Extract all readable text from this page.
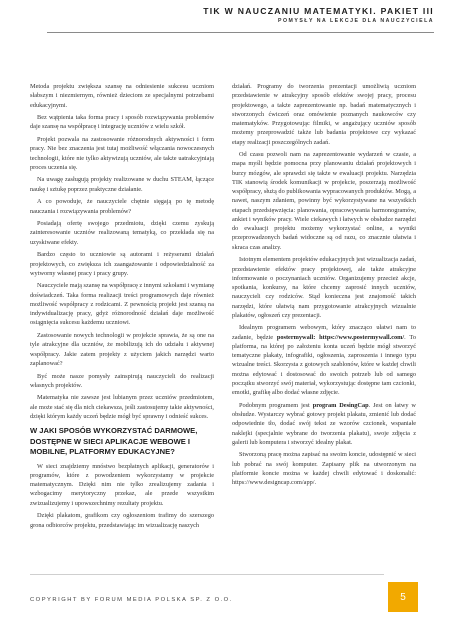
TIK W NAUCZANIU MATEMATYKI. PAKIET III
POMYSŁY NA LEKCJE DLA NAUCZYCIELA

Metoda projektu zwiększa szansę na odniesienie sukcesu uczniom słabszym i niezmiernym, również dzieciom ze specjalnymi potrzebami edukacyjnymi.

Bez wątpienia taka forma pracy i sposób rozwiązywania problemów daje szansę na współpracę i integrację uczniów z wielu szkół.

Projekt pozwala na zastosowanie różnorodnych aktywności i form pracy. Nie bez znaczenia jest tutaj możliwość włączania nowoczesnych technologii, które nie tylko aktywizują uczniów, ale także uatrakcyjniają proces uczenia się.

Na uwagę zasługują projekty realizowane w duchu STEAM, łączące naukę i sztukę poprzez praktyczne działanie.

A co powoduje, że nauczyciele chętnie sięgają po tę metodę nauczania i rozwiązywania problemów?

Posiadają ofertę swojego przedmiotu, dzięki czemu zyskują zainteresowanie uczniów realizowaną tematyką, co przekłada się na uzyskiwane efekty.

Bardzo często to uczniowie są autorami i reżyserami działań projektowych, co zwiększa ich zaangażowanie i odpowiedzialność za wytworny własnej pracy i pracy grupy.

Nauczyciele mają szansę na współpracę z innymi szkołami i wymianę doświadczeń. Taka forma realizacji treści programowych daje również możliwość współpracy z rodzicami. Z pewnością projekt jest szansą na indywidualizację pracy, gdyż różnorodność działań daje możliwość osiągnięcia sukcesu każdemu uczniowi.

Zastosowanie nowych technologii w projekcie sprawia, że są one na tyle atrakcyjne dla uczniów, że mobilizują ich do udziału i aktywnej współpracy. Jakie zatem projekty z użyciem jakich narzędzi warto zaplanować?

Być może nasze pomysły zainspirują nauczycieli do realizacji własnych projektów.

Matematyka nie zawsze jest lubianym przez uczniów przedmiotem, ale może stać się dla nich ciekawsza, jeśli zastosujemy takie aktywności, dzięki którym każdy uczeń będzie mógł być sprawny i odnieść sukces.

W JAKI SPOSÓB WYKORZYSTAĆ DARMOWE, DOSTĘPNE W SIECI APLIKACJE WEBOWE I MOBILNE, PLATFORMY EDUKACYJNE?

W sieci znajdziemy mnóstwo bezpłatnych aplikacji, generatorów i programów, które z powodzeniem wykorzystamy w projekcie matematycznym. Dzięki nim nie tylko zrealizujemy zadania i wzbogacimy merytoryczny przekaz, ale przede wszystkim zwizualizujemy i upowszechnimy rezultaty projektu.

Dzięki plakatom, grafikom czy ogłoszeniom trafimy do szerszego grona odbiorców projektu, przedstawiając im wizualizację naszych

działań. Programy do tworzenia prezentacji umożliwią uczniom przedstawienie w atrakcyjny sposób efektów swojej pracy, procesu projektowego, a także zaprezentowanie np. badań matematycznych i stworzonych ćwiczeń oraz omówienie poznanych naukowców czy matematyków. Przygotowując filmiki, w angażujący uczniów sposób możemy przeprowadzić także lub badania projektowe czy wykazać etapy realizacji poszczególnych zadań.

Od czasu pozwoli nam na zaprezentowanie wydarzeń w czasie, a mapa myśli będzie pomocna przy planowaniu działań projektowych i burzy mózgów, ale sprawdzi się także w ewaluacji projektu. Narzędzia TIK stanowią środek komunikacji w projekcie, poszerzają możliwość współpracy, służą do publikowania wypracowanych produktów. Mogą, a nawet, naszym zdaniem, powinny być wykorzystywane na wszystkich etapach przedsięwzięcia: planowania, opracowywania harmonogramów, ankiet i wyników pracy. Wiele ciekawych i łatwych w obsłudze narzędzi do ewaluacji projektu możemy wykorzystać online, a wyniki przeprowadzonych badań widoczne są od razu, co znacznie ułatwia i skraca czas analizy.

Istotnym elementem projektów edukacyjnych jest wizualizacja zadań, przedstawienie efektów pracy projektowej, ale także atrakcyjne informowanie o poczynaniach uczniów. Organizujemy przecież akcje, spotkania, konkursy, na które chcemy zaprosić innych uczniów, nauczycieli czy rodziców. Stąd konieczna jest znajomość takich narzędzi, które ułatwią nam przygotowanie atrakcyjnych wizualnie plakatów, ogłoszeń czy prezentacji.

Idealnym programem webowym, który znacząco ułatwi nam to zadanie, będzie postermywall: https://www.postermywall.com/. To platforma, na której po założeniu konta uczeń będzie mógł stworzyć tematyczne plakaty, infografiki, ogłoszenia, zaproszenia i innego typu wizualne treści. Skorzysta z gotowych szablonów, które w każdej chwili można edytować i dostosować do swoich potrzeb lub od samego początku stworzyć swój materiał, wykorzystując dostępne tam czcionki, emotki, grafikę albo dodać własne zdjęcie.

Podobnym programem jest program DesingCap. Jest on łatwy w obsłudze. Wystarczy wybrać gotowy projekt plakatu, zmienić lub dodać odpowiednie tło, dodać swój tekst ze wzorów czcionek, wspaniałe naklejki (specjalnie wybrane do tworzenia plakatu), swoje zdjęcia z galerii lub komputera i stworzyć idealny plakat.

Stworzoną pracę można zapisać na swoim koncie, udostępnić w sieci lub pobrać na swój komputer. Zapisany plik na utworzonym na platformie koncie można w każdej chwili edytować i doskonalić: https://www.designcap.com/app/.

COPYRIGHT BY FORUM MEDIA POLSKA SP. Z O.O.	5
